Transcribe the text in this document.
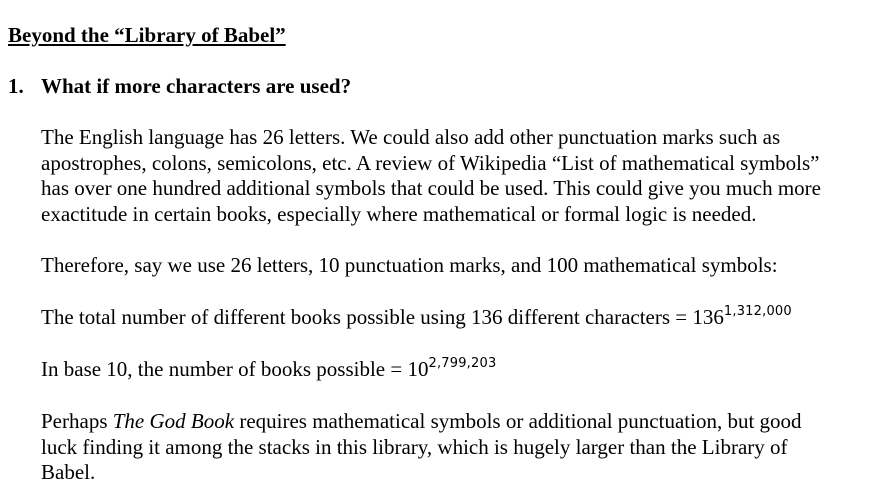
Beyond the “Library of Babel”
1. What if more characters are used?
The English language has 26 letters. We could also add other punctuation marks such as
apostrophes, colons, semicolons, etc. A review of Wikipedia “List of mathematical symbols”
has over one hundred additional symbols that could be used. This could give you much more
exactitude in certain books, especially where mathematical or formal logic is needed.
Therefore, say we use 26 letters, 10 punctuation marks, and 100 mathematical symbols:
The total number of different books possible using 136 different characters = $136^{1,312,000}$
In base 10, the number of books possible = $10^{2,799,203}$
Perhaps The God Book requires mathematical symbols or additional punctuation, but good
luck finding it among the stacks in this library, which is hugely larger than the Library of
Babel.
